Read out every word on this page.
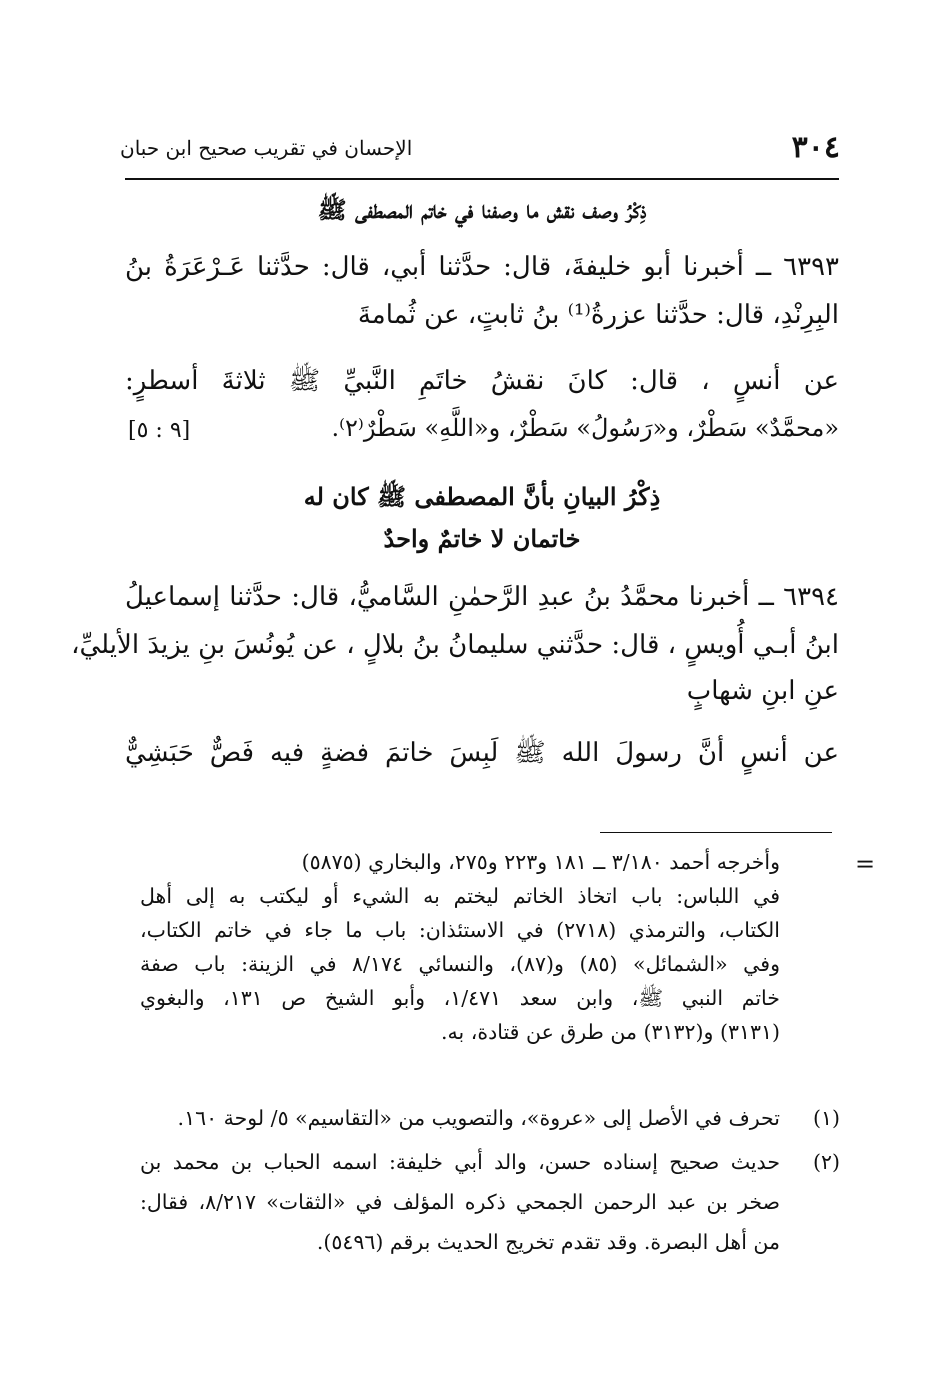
٣٠٤
الإحسان في تقريب صحيح ابن حبان
ذِكْرُ وصف نقش ما وصفنا في خاتم المصطفى ﷺ
٦٣٩٣ ــ أخبرنا أبو خليفةَ، قال: حدَّثنا أبي، قال: حدَّثنا عَـرْعَرَةُ بنُ
البِرِنْدِ، قال: حدَّثنا عزرةُ⁽¹⁾ بنُ ثابتٍ، عن ثُمامةَ
عن أنسٍ ، قال: كانَ نقشُ خاتَمِ النَّبيِّ ﷺ ثلاثةَ أسطرٍ:
«محمَّدٌ» سَطْرٌ، و«رَسُولُ» سَطْرٌ، و«اللَّهِ» سَطْرٌ⁽٢⁾.
[٩ : ٥]
ذِكْرُ البيانِ بأنَّ المصطفى ﷺ كان له
خاتمان لا خاتمٌ واحدٌ
٦٣٩٤ ــ أخبرنا محمَّدُ بنُ عبدِ الرَّحمٰنِ السَّاميُّ، قال: حدَّثنا إسماعيلُ
ابنُ أبـي أُويسٍ ، قال: حدَّثني سليمانُ بنُ بلالٍ ، عن يُونُسَ بنِ يزيدَ الأيليِّ،
عنِ ابنِ شهابٍ
عن أنسٍ أنَّ رسولَ الله ﷺ لَبِسَ خاتمَ فضةٍ فيه فَصٌّ حَبَشِيٌّ
=
وأخرجه أحمد ٣/١٨٠ ــ ١٨١ و٢٢٣ و٢٧٥، والبخاري (٥٨٧٥)
في اللباس: باب اتخاذ الخاتم ليختم به الشيء أو ليكتب به إلى أهل
الكتاب، والترمذي (٢٧١٨) في الاستئذان: باب ما جاء في خاتم الكتاب،
وفي «الشمائل» (٨٥) و(٨٧)، والنسائي ٨/١٧٤ في الزينة: باب صفة
خاتم النبي ﷺ، وابن سعد ١/٤٧١، وأبو الشيخ ص ١٣١، والبغوي
(٣١٣١) و(٣١٣٢) من طرق عن قتادة، به.
(١)
تحرف في الأصل إلى «عروة»، والتصويب من «التقاسيم» ٥/ لوحة ١٦٠.
(٢)
حديث صحيح إسناده حسن، والد أبي خليفة: اسمه الحباب بن محمد بن
صخر بن عبد الرحمن الجمحي ذكره المؤلف في «الثقات» ٨/٢١٧، فقال:
من أهل البصرة. وقد تقدم تخريج الحديث برقم (٥٤٩٦).
